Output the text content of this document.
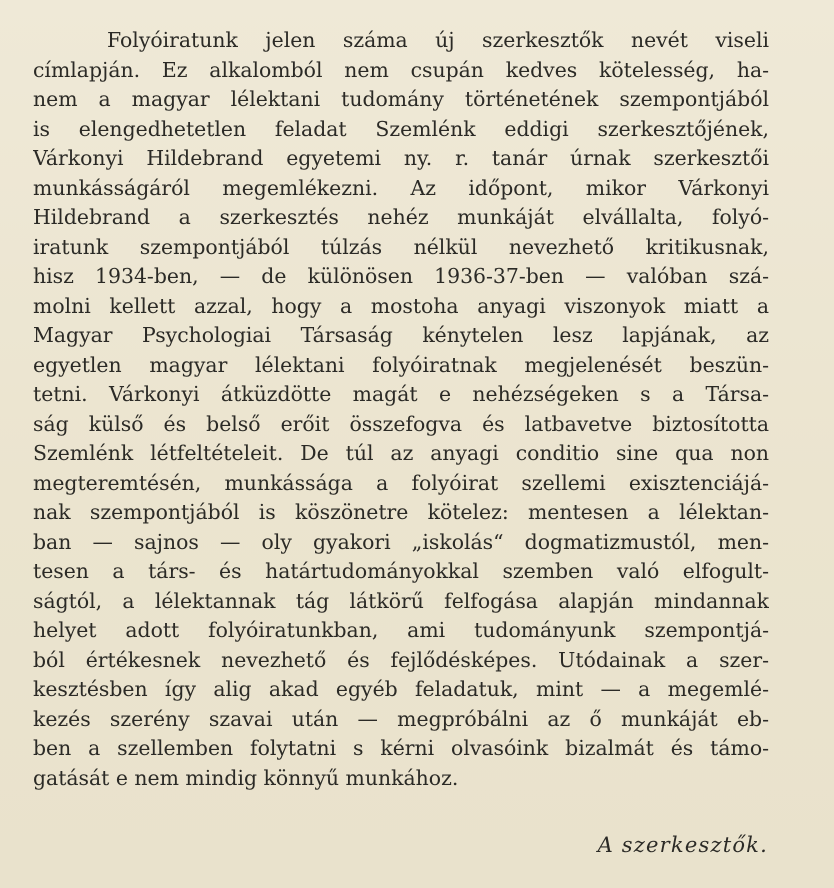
Folyóiratunk jelen száma új szerkesztők nevét viseli
címlapján. Ez alkalomból nem csupán kedves kötelesség, ha-
nem a magyar lélektani tudomány történetének szempontjából
is elengedhetetlen feladat Szemlénk eddigi szerkesztőjének,
Várkonyi Hildebrand egyetemi ny. r. tanár úrnak szerkesztői
munkásságáról megemlékezni. Az időpont, mikor Várkonyi
Hildebrand a szerkesztés nehéz munkáját elvállalta, folyó-
iratunk szempontjából túlzás nélkül nevezhető kritikusnak,
hisz 1934-ben, — de különösen 1936-37-ben — valóban szá-
molni kellett azzal, hogy a mostoha anyagi viszonyok miatt a
Magyar Psychologiai Társaság kénytelen lesz lapjának, az
egyetlen magyar lélektani folyóiratnak megjelenését beszün-
tetni. Várkonyi átküzdötte magát e nehézségeken s a Társa-
ság külső és belső erőit összefogva és latbavetve biztosította
Szemlénk létfeltételeit. De túl az anyagi conditio sine qua non
megteremtésén, munkássága a folyóirat szellemi exisztenciájá-
nak szempontjából is köszönetre kötelez: mentesen a lélektan-
ban — sajnos — oly gyakori „iskolás“ dogmatizmustól, men-
tesen a társ- és határtudományokkal szemben való elfogult-
ságtól, a lélektannak tág látkörű felfogása alapján mindannak
helyet adott folyóiratunkban, ami tudományunk szempontjá-
ból értékesnek nevezhető és fejlődésképes. Utódainak a szer-
kesztésben így alig akad egyéb feladatuk, mint — a megemlé-
kezés szerény szavai után — megpróbálni az ő munkáját eb-
ben a szellemben folytatni s kérni olvasóink bizalmát és támo-
gatását e nem mindig könnyű munkához.
A szerkesztők.
